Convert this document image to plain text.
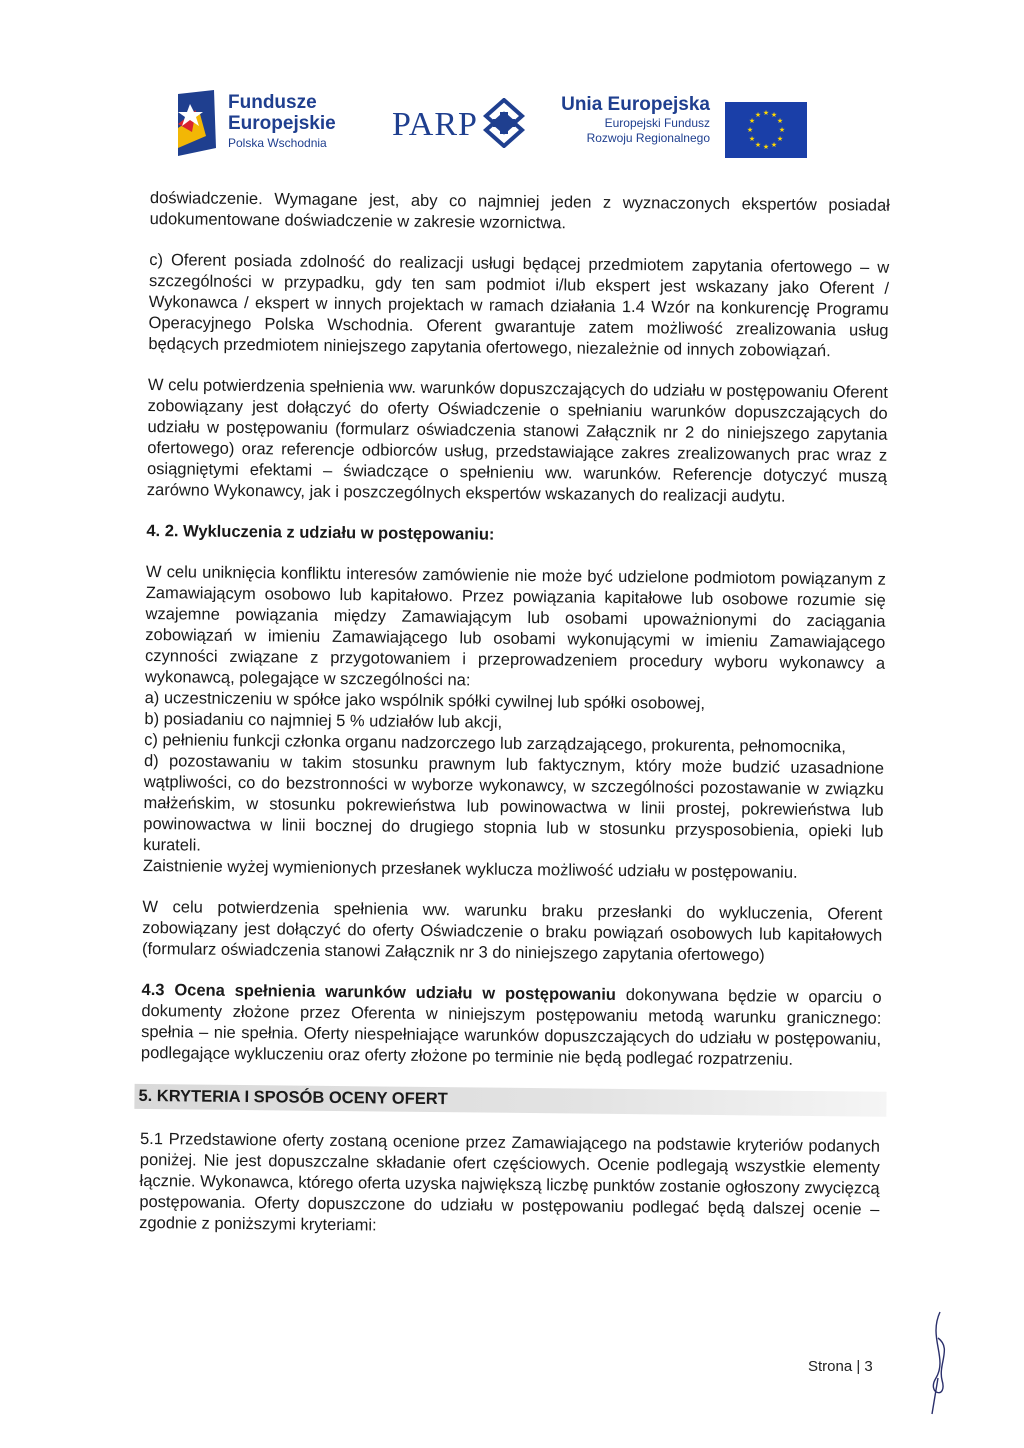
Fundusze
Europejskie
Polska Wschodnia PARP
Unia Europejska
Europejski Fundusz
Rozwoju Regionalnego
★ ★
★
★
★
★
★
★
★
★
★
★

doświadczenie. Wymagane jest, aby co najmniej jeden z wyznaczonych ekspertów posiadał udokumentowane doświadczenie w zakresie wzornictwa.

c) Oferent posiada zdolność do realizacji usługi będącej przedmiotem zapytania ofertowego – w szczególności w przypadku, gdy ten sam podmiot i/lub ekspert jest wskazany jako Oferent / Wykonawca / ekspert w innych projektach w ramach działania 1.4 Wzór na konkurencję Programu Operacyjnego Polska Wschodnia. Oferent gwarantuje zatem możliwość zrealizowania usług będących przedmiotem niniejszego zapytania ofertowego, niezależnie od innych zobowiązań.

W celu potwierdzenia spełnienia ww. warunków dopuszczających do udziału w postępowaniu Oferent zobowiązany jest dołączyć do oferty Oświadczenie o spełnianiu warunków dopuszczających do udziału w postępowaniu (formularz oświadczenia stanowi Załącznik nr 2 do niniejszego zapytania ofertowego) oraz referencje odbiorców usług, przedstawiające zakres zrealizowanych prac wraz z osiągniętymi efektami – świadczące o spełnieniu ww. warunków. Referencje dotyczyć muszą zarówno Wykonawcy, jak i poszczególnych ekspertów wskazanych do realizacji audytu.

4. 2. Wykluczenia z udziału w postępowaniu:

W celu uniknięcia konfliktu interesów zamówienie nie może być udzielone podmiotom powiązanym z Zamawiającym osobowo lub kapitałowo. Przez powiązania kapitałowe lub osobowe rozumie się wzajemne powiązania między Zamawiającym lub osobami upoważnionymi do zaciągania zobowiązań w imieniu Zamawiającego lub osobami wykonującymi w imieniu Zamawiającego czynności związane z przygotowaniem i przeprowadzeniem procedury wyboru wykonawcy a wykonawcą, polegające w szczególności na:

a) uczestniczeniu w spółce jako wspólnik spółki cywilnej lub spółki osobowej,
b) posiadaniu co najmniej 5 % udziałów lub akcji,
c) pełnieniu funkcji członka organu nadzorczego lub zarządzającego, prokurenta, pełnomocnika,
d) pozostawaniu w takim stosunku prawnym lub faktycznym, który może budzić uzasadnione wątpliwości, co do bezstronności w wyborze wykonawcy, w szczególności pozostawanie w związku małżeńskim, w stosunku pokrewieństwa lub powinowactwa w linii prostej, pokrewieństwa lub powinowactwa w linii bocznej do drugiego stopnia lub w stosunku przysposobienia, opieki lub kurateli.

Zaistnienie wyżej wymienionych przesłanek wyklucza możliwość udziału w postępowaniu.

W celu potwierdzenia spełnienia ww. warunku braku przesłanki do wykluczenia, Oferent zobowiązany jest dołączyć do oferty Oświadczenie o braku powiązań osobowych lub kapitałowych (formularz oświadczenia stanowi Załącznik nr 3 do niniejszego zapytania ofertowego)

4.3 Ocena spełnienia warunków udziału w postępowaniu dokonywana będzie w oparciu o dokumenty złożone przez Oferenta w niniejszym postępowaniu metodą warunku granicznego: spełnia – nie spełnia. Oferty niespełniające warunków dopuszczających do udziału w postępowaniu, podlegające wykluczeniu oraz oferty złożone po terminie nie będą podlegać rozpatrzeniu.

5. KRYTERIA I SPOSÓB OCENY OFERT

5.1 Przedstawione oferty zostaną ocenione przez Zamawiającego na podstawie kryteriów podanych poniżej. Nie jest dopuszczalne składanie ofert częściowych. Ocenie podlegają wszystkie elementy łącznie. Wykonawca, którego oferta uzyska największą liczbę punktów zostanie ogłoszony zwycięzcą postępowania. Oferty dopuszczone do udziału w postępowaniu podlegać będą dalszej ocenie – zgodnie z poniższymi kryteriami:

Strona | 3
